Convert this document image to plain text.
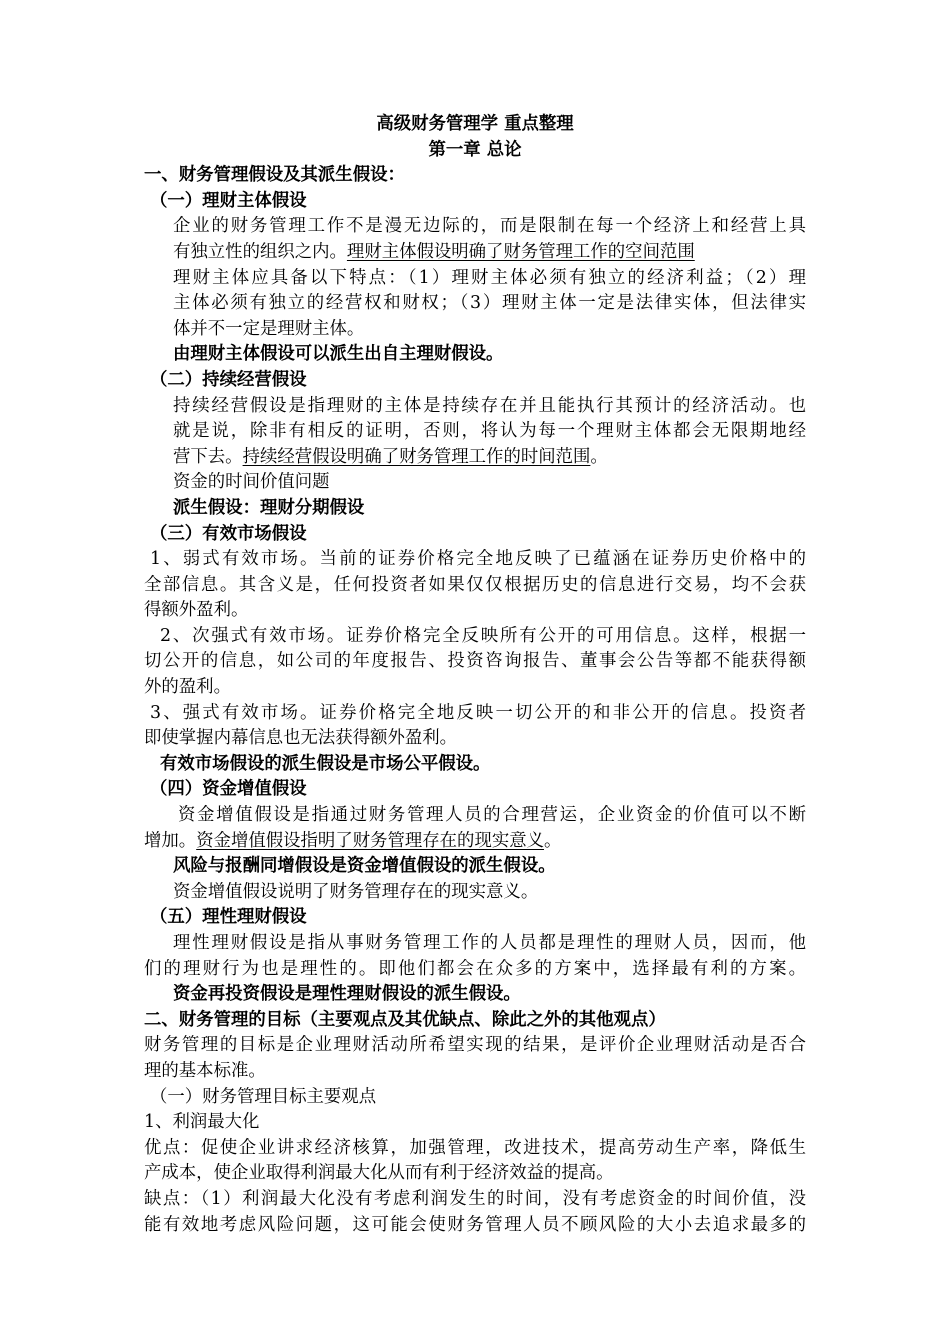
高级财务管理学 重点整理
第一章 总论
一、财务管理假设及其派生假设：
（一）理财主体假设
企业的财务管理工作不是漫无边际的，而是限制在每一个经济上和经营上具
有独立性的组织之内。理财主体假设明确了财务管理工作的空间范围
理财主体应具备以下特点：（1）理财主体必须有独立的经济利益；（2）理
主体必须有独立的经营权和财权；（3）理财主体一定是法律实体，但法律实
体并不一定是理财主体。
由理财主体假设可以派生出自主理财假设。
（二）持续经营假设
持续经营假设是指理财的主体是持续存在并且能执行其预计的经济活动。也
就是说，除非有相反的证明，否则，将认为每一个理财主体都会无限期地经
营下去。持续经营假设明确了财务管理工作的时间范围。
资金的时间价值问题
派生假设：理财分期假设
（三）有效市场假设
1、弱式有效市场。当前的证券价格完全地反映了已蕴涵在证券历史价格中的
全部信息。其含义是，任何投资者如果仅仅根据历史的信息进行交易，均不会获
得额外盈利。
2、次强式有效市场。证券价格完全反映所有公开的可用信息。这样，根据一
切公开的信息，如公司的年度报告、投资咨询报告、董事会公告等都不能获得额
外的盈利。
3、强式有效市场。证券价格完全地反映一切公开的和非公开的信息。投资者
即使掌握内幕信息也无法获得额外盈利。
有效市场假设的派生假设是市场公平假设。
（四）资金增值假设
资金增值假设是指通过财务管理人员的合理营运，企业资金的价值可以不断
增加。资金增值假设指明了财务管理存在的现实意义。
风险与报酬同增假设是资金增值假设的派生假设。
资金增值假设说明了财务管理存在的现实意义。
（五）理性理财假设
理性理财假设是指从事财务管理工作的人员都是理性的理财人员，因而，他
们的理财行为也是理性的。即他们都会在众多的方案中，选择最有利的方案。
资金再投资假设是理性理财假设的派生假设。
二、财务管理的目标（主要观点及其优缺点、除此之外的其他观点）
财务管理的目标是企业理财活动所希望实现的结果，是评价企业理财活动是否合
理的基本标准。
（一）财务管理目标主要观点
1、利润最大化
优点：促使企业讲求经济核算，加强管理，改进技术，提高劳动生产率，降低生
产成本，使企业取得利润最大化从而有利于经济效益的提高。
缺点：（1）利润最大化没有考虑利润发生的时间，没有考虑资金的时间价值，没
能有效地考虑风险问题，这可能会使财务管理人员不顾风险的大小去追求最多的
